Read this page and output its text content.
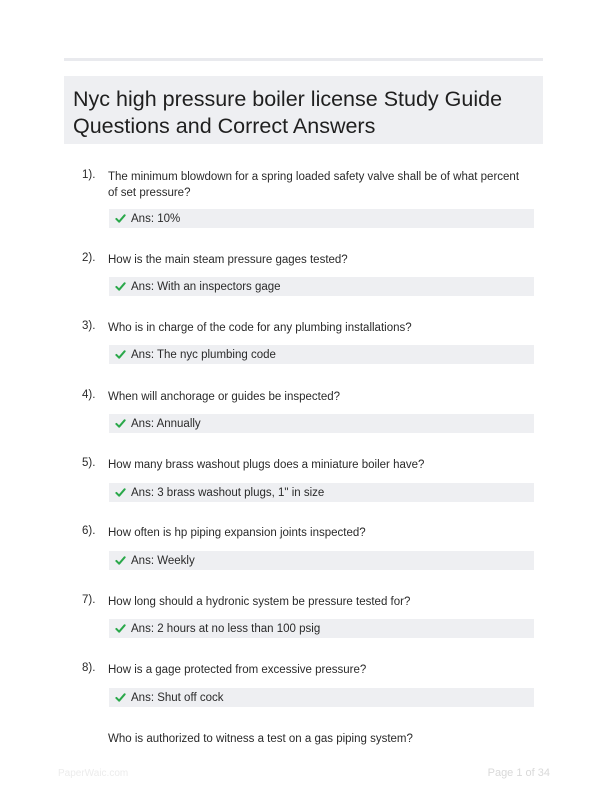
Nyc high pressure boiler license Study Guide
Questions and Correct Answers
1). The minimum blowdown for a spring loaded safety valve shall be of what percent of set pressure?
Ans: 10%
2). How is the main steam pressure gages tested?
Ans: With an inspectors gage
3). Who is in charge of the code for any plumbing installations?
Ans: The nyc plumbing code
4). When will anchorage or guides be inspected?
Ans: Annually
5). How many brass washout plugs does a miniature boiler have?
Ans: 3 brass washout plugs, 1" in size
6). How often is hp piping expansion joints inspected?
Ans: Weekly
7). How long should a hydronic system be pressure tested for?
Ans: 2 hours at no less than 100 psig
8). How is a gage protected from excessive pressure?
Ans: Shut off cock
Who is authorized to witness a test on a gas piping system?
PaperWaic.com	Page 1 of 34
